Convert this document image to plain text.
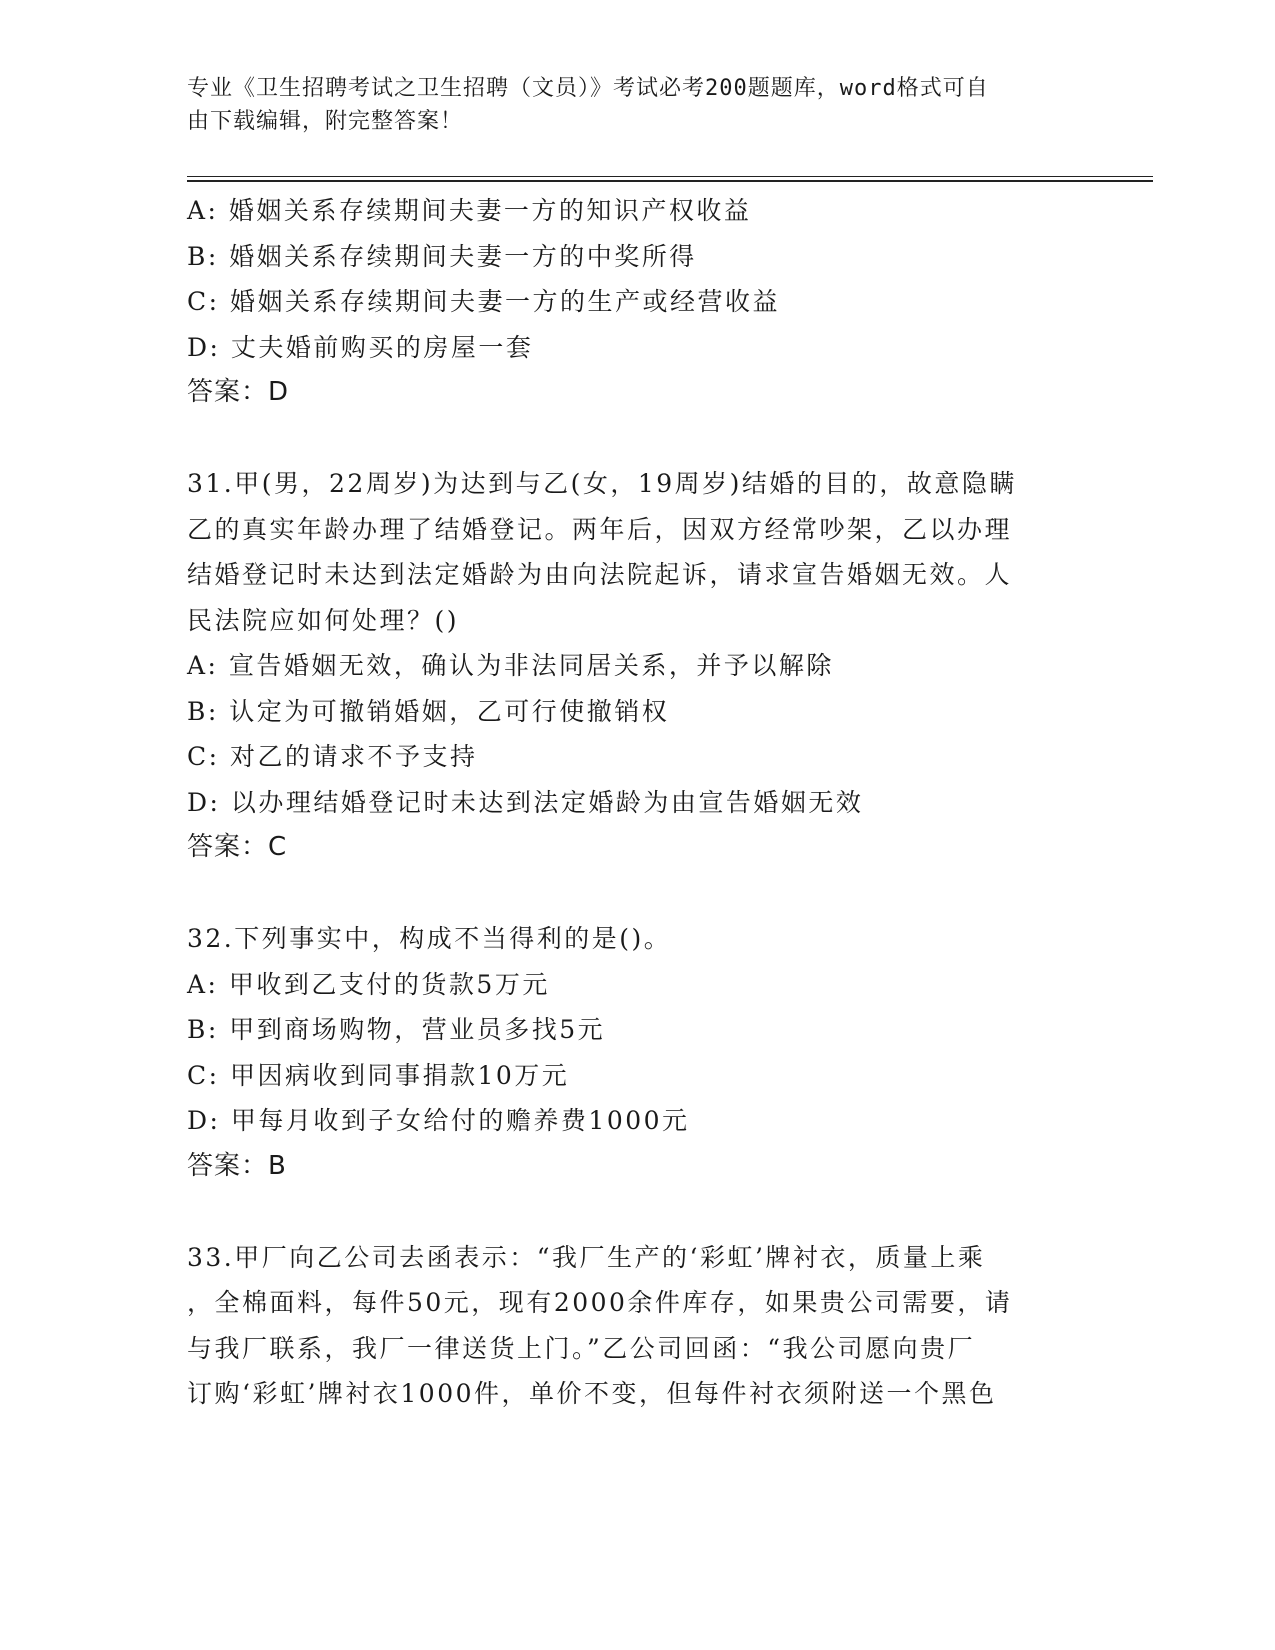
专业《卫生招聘考试之卫生招聘（文员）》考试必考200题题库，word格式可自
由下载编辑，附完整答案！
A: 婚姻关系存续期间夫妻一方的知识产权收益
B: 婚姻关系存续期间夫妻一方的中奖所得
C: 婚姻关系存续期间夫妻一方的生产或经营收益
D: 丈夫婚前购买的房屋一套
答案：D
31.甲(男，22周岁)为达到与乙(女，19周岁)结婚的目的，故意隐瞒
乙的真实年龄办理了结婚登记。两年后，因双方经常吵架，乙以办理
结婚登记时未达到法定婚龄为由向法院起诉，请求宣告婚姻无效。人
民法院应如何处理？()
A: 宣告婚姻无效，确认为非法同居关系，并予以解除
B: 认定为可撤销婚姻，乙可行使撤销权
C: 对乙的请求不予支持
D: 以办理结婚登记时未达到法定婚龄为由宣告婚姻无效
答案：C
32.下列事实中，构成不当得利的是()。
A: 甲收到乙支付的货款5万元
B: 甲到商场购物，营业员多找5元
C: 甲因病收到同事捐款10万元
D: 甲每月收到子女给付的赡养费1000元
答案：B
33.甲厂向乙公司去函表示：“我厂生产的‘彩虹’牌衬衣，质量上乘
，全棉面料，每件50元，现有2000余件库存，如果贵公司需要，请
与我厂联系，我厂一律送货上门。”乙公司回函：“我公司愿向贵厂
订购‘彩虹’牌衬衣1000件，单价不变，但每件衬衣须附送一个黑色
